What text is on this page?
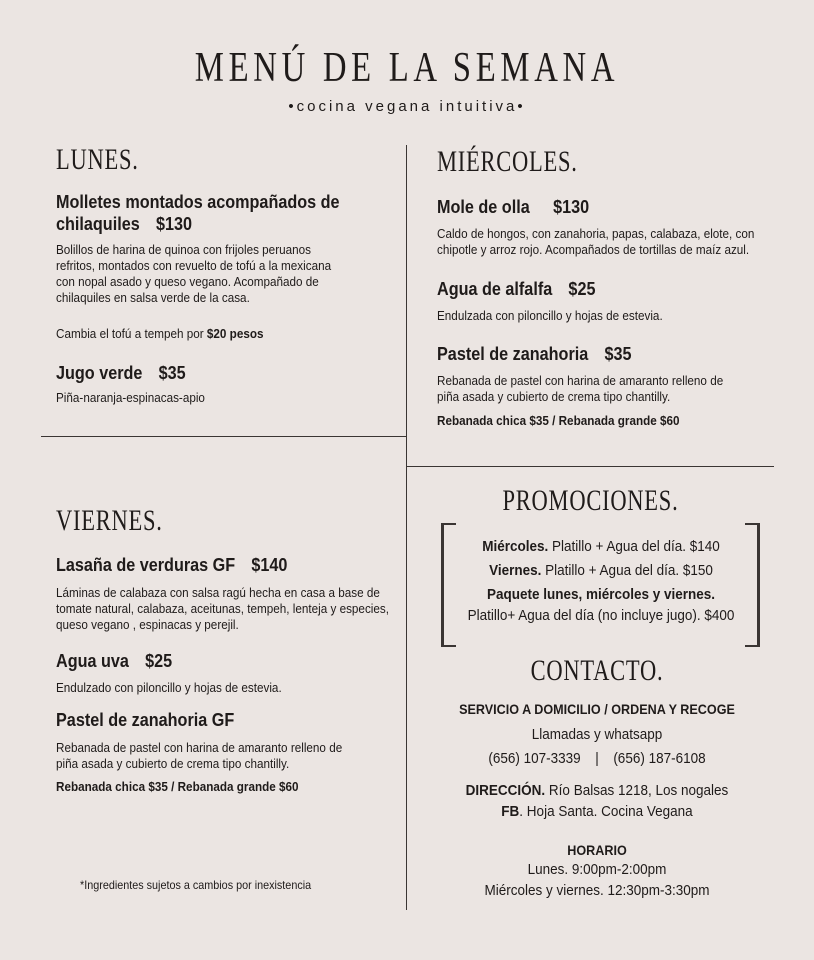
MENÚ DE LA SEMANA
•cocina vegana intuitiva•
LUNES.
Molletes montados acompañados de
chilaquiles $130
Bolillos de harina de quinoa con frijoles peruanos refritos, montados con revuelto de tofú a la mexicana con nopal asado y queso vegano. Acompañado de chilaquiles en salsa verde de la casa.
Cambia el tofú a tempeh por $20 pesos
Jugo verde $35
Piña-naranja-espinacas-apio
MIÉRCOLES.
Mole de olla $130
Caldo de hongos, con zanahoria, papas, calabaza, elote, con chipotle y arroz rojo. Acompañados de tortillas de maíz azul.
Agua de alfalfa $25
Endulzada con piloncillo y hojas de estevia.
Pastel de zanahoria $35
Rebanada de pastel con harina de amaranto relleno de piña asada y cubierto de crema tipo chantilly.
Rebanada chica $35 / Rebanada grande $60
VIERNES.
Lasaña de verduras GF $140
Láminas de calabaza con salsa ragú hecha en casa a base de tomate natural, calabaza, aceitunas, tempeh, lenteja y especies, queso vegano , espinacas y perejil.
Agua uva $25
Endulzado con piloncillo y hojas de estevia.
Pastel de zanahoria GF
Rebanada de pastel con harina de amaranto relleno de piña asada y cubierto de crema tipo chantilly.
Rebanada chica $35 / Rebanada grande $60
*Ingredientes sujetos a cambios por inexistencia
PROMOCIONES.
Miércoles. Platillo + Agua del día. $140
Viernes. Platillo + Agua del día. $150
Paquete lunes, miércoles y viernes.
Platillo+ Agua del día (no incluye jugo). $400
CONTACTO.
SERVICIO A DOMICILIO / ORDENA Y RECOGE
Llamadas y whatsapp
(656) 107-3339 | (656) 187-6108
DIRECCIÓN. Río Balsas 1218, Los nogales
FB. Hoja Santa. Cocina Vegana
HORARIO
Lunes. 9:00pm-2:00pm
Miércoles y viernes. 12:30pm-3:30pm
